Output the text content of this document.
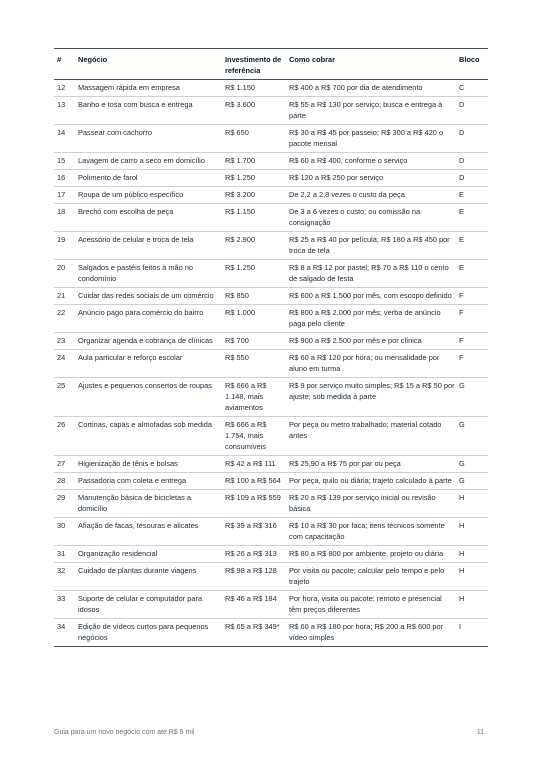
#	Negócio	Investimento de referência	Como cobrar	Bloco
12	Massagem rápida em empresa	R$ 1.150	R$ 400 a R$ 700 por dia de atendimento	C
13	Banho e tosa com busca e entrega	R$ 3.600	R$ 55 a R$ 130 por serviço; busca e entrega à parte	D
14	Passear com cachorro	R$ 650	R$ 30 a R$ 45 por passeio; R$ 300 a R$ 420 o pacote mensal	D
15	Lavagem de carro a seco em domicílio	R$ 1.700	R$ 60 a R$ 400, conforme o serviço	D
16	Polimento de farol	R$ 1.250	R$ 120 a R$ 250 por serviço	D
17	Roupa de um público específico	R$ 3.200	De 2,2 a 2,8 vezes o custo da peça	E
18	Brechó com escolha de peça	R$ 1.150	De 3 a 6 vezes o custo; ou comissão na consignação	E
19	Acessório de celular e troca de tela	R$ 2.900	R$ 25 a R$ 40 por película; R$ 180 a R$ 450 por troca de tela	E
20	Salgados e pastéis feitos à mão no condomínio	R$ 1.250	R$ 8 a R$ 12 por pastel; R$ 70 a R$ 110 o cento de salgado de festa	E
21	Cuidar das redes sociais de um comércio	R$ 850	R$ 600 a R$ 1.500 por mês, com escopo definido	F
22	Anúncio pago para comércio do bairro	R$ 1.000	R$ 800 a R$ 2.000 por mês; verba de anúncio paga pelo cliente	F
23	Organizar agenda e cobrança de clínicas	R$ 700	R$ 900 a R$ 2.500 por mês e por clínica	F
24	Aula particular e reforço escolar	R$ 550	R$ 60 a R$ 120 por hora; ou mensalidade por aluno em turma	F
25	Ajustes e pequenos consertos de roupas	R$ 666 a R$ 1.148, mais aviamentos	R$ 9 por serviço muito simples; R$ 15 a R$ 50 por ajuste; sob medida à parte	G
26	Cortinas, capas e almofadas sob medida	R$ 666 a R$ 1.754, mais consumíveis	Por peça ou metro trabalhado; material cotado antes	G
27	Higienização de tênis e bolsas	R$ 42 a R$ 111	R$ 25,90 a R$ 75 por par ou peça	G
28	Passadoria com coleta e entrega	R$ 100 a R$ 564	Por peça, quilo ou diária; trajeto calculado à parte	G
29	Manutenção básica de bicicletas a domicílio	R$ 109 a R$ 559	R$ 20 a R$ 139 por serviço inicial ou revisão básica	H
30	Afiação de facas, tesouras e alicates	R$ 39 a R$ 316	R$ 10 a R$ 30 por faca; itens técnicos somente com capacitação	H
31	Organização residencial	R$ 26 a R$ 313	R$ 80 a R$ 800 por ambiente, projeto ou diária	H
32	Cuidado de plantas durante viagens	R$ 98 a R$ 128	Por visita ou pacote; calcular pelo tempo e pelo trajeto	H
33	Suporte de celular e computador para idosos	R$ 46 a R$ 184	Por hora, visita ou pacote; remoto e presencial têm preços diferentes	H
34	Edição de vídeos curtos para pequenos negócios	R$ 65 a R$ 349*	R$ 60 a R$ 180 por hora; R$ 200 a R$ 600 por vídeo simples	I
Guia para um novo negócio com até R$ 5 mil	11
